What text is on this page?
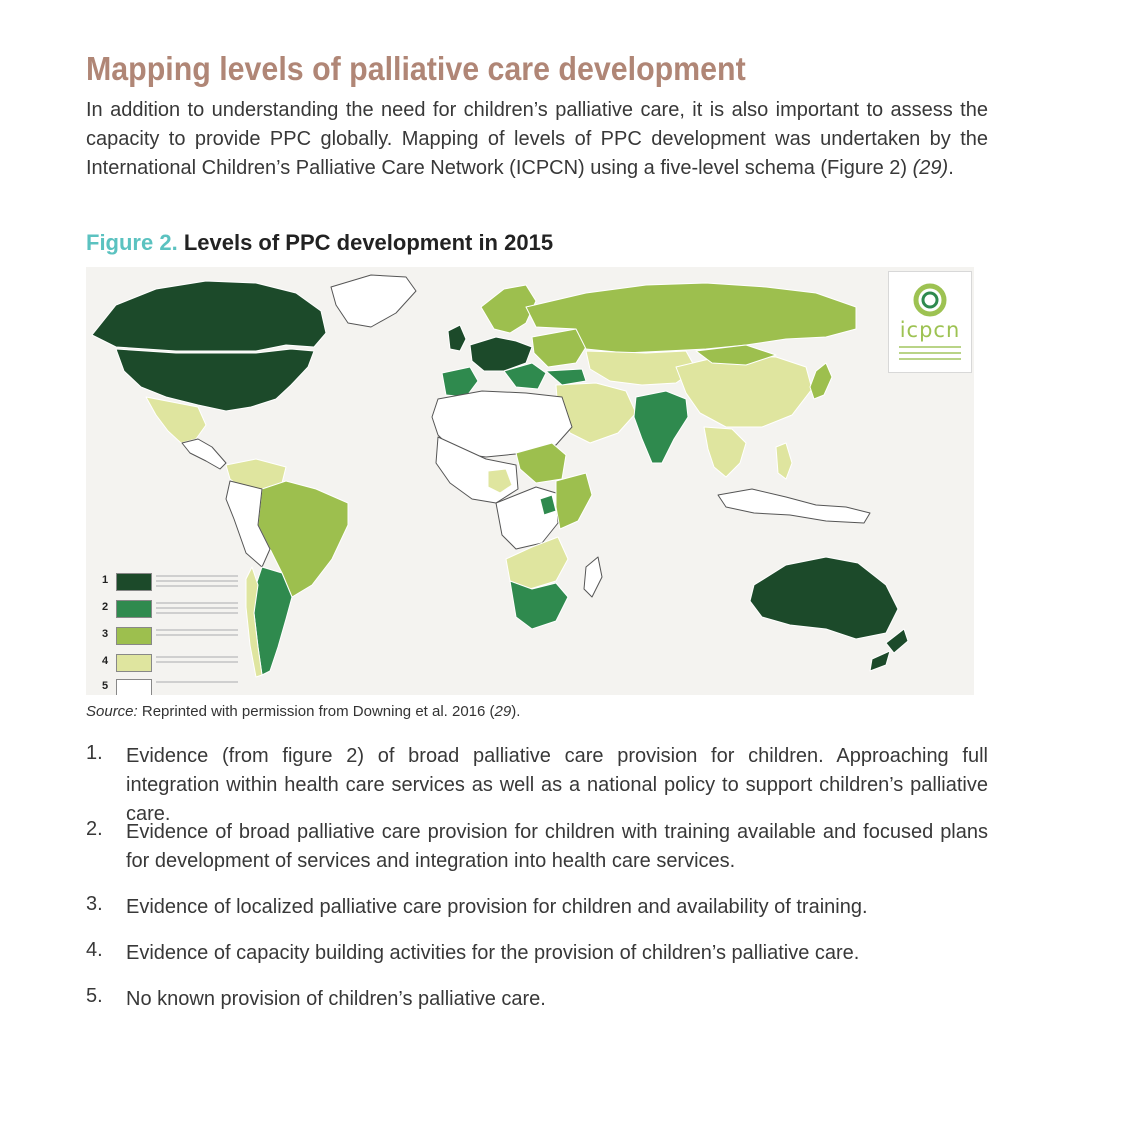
Mapping levels of palliative care development

In addition to understanding the need for children’s palliative care, it is also important to assess the capacity to provide PPC globally. Mapping of levels of PPC development was undertaken by the International Children’s Palliative Care Network (ICPCN) using a five-level schema (Figure 2) (29).

Figure 2. Levels of PPC development in 2015
icpcn
1
2
3
4
5
Source: Reprinted with permission from Downing et al. 2016 (29).
1. Evidence (from figure 2) of broad palliative care provision for children. Approaching full integration within health care services as well as a national policy to support children’s palliative care.
2. Evidence of broad palliative care provision for children with training available and focused plans for development of services and integration into health care services.
3. Evidence of localized palliative care provision for children and availability of training.
4. Evidence of capacity building activities for the provision of children’s palliative care.
5. No known provision of children’s palliative care.
